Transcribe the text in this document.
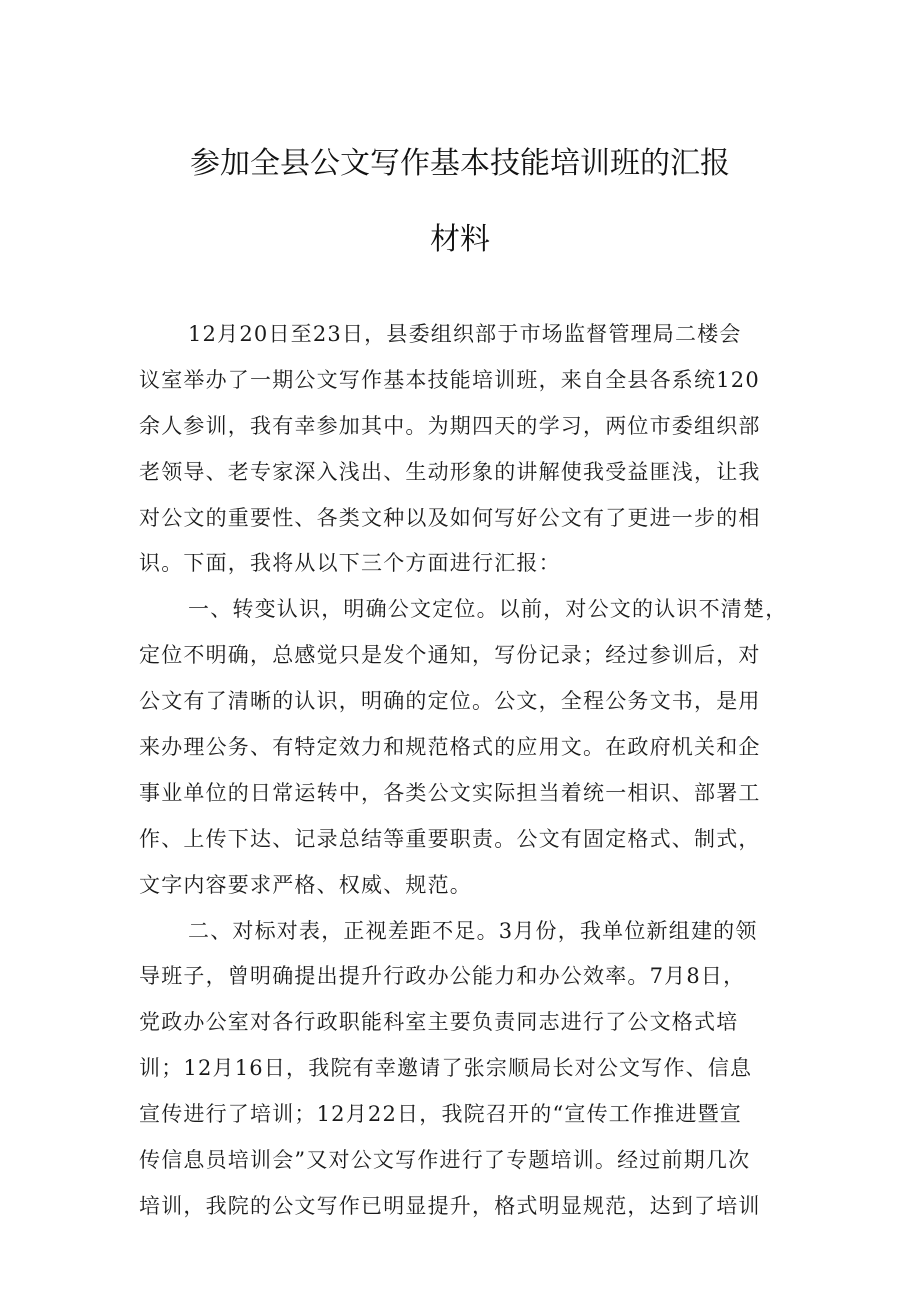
参加全县公文写作基本技能培训班的汇报
材料
12月20日至23日，县委组织部于市场监督管理局二楼会
议室举办了一期公文写作基本技能培训班，来自全县各系统120
余人参训，我有幸参加其中。为期四天的学习，两位市委组织部
老领导、老专家深入浅出、生动形象的讲解使我受益匪浅，让我
对公文的重要性、各类文种以及如何写好公文有了更进一步的相
识。下面，我将从以下三个方面进行汇报：
一、转变认识，明确公文定位。以前，对公文的认识不清楚，
定位不明确，总感觉只是发个通知，写份记录；经过参训后，对
公文有了清晰的认识，明确的定位。公文，全程公务文书，是用
来办理公务、有特定效力和规范格式的应用文。在政府机关和企
事业单位的日常运转中，各类公文实际担当着统一相识、部署工
作、上传下达、记录总结等重要职责。公文有固定格式、制式，
文字内容要求严格、权威、规范。
二、对标对表，正视差距不足。3月份，我单位新组建的领
导班子，曾明确提出提升行政办公能力和办公效率。7月8日，
党政办公室对各行政职能科室主要负责同志进行了公文格式培
训；12月16日，我院有幸邀请了张宗顺局长对公文写作、信息
宣传进行了培训；12月22日，我院召开的“宣传工作推进暨宣
传信息员培训会”又对公文写作进行了专题培训。经过前期几次
培训，我院的公文写作已明显提升，格式明显规范，达到了培训
